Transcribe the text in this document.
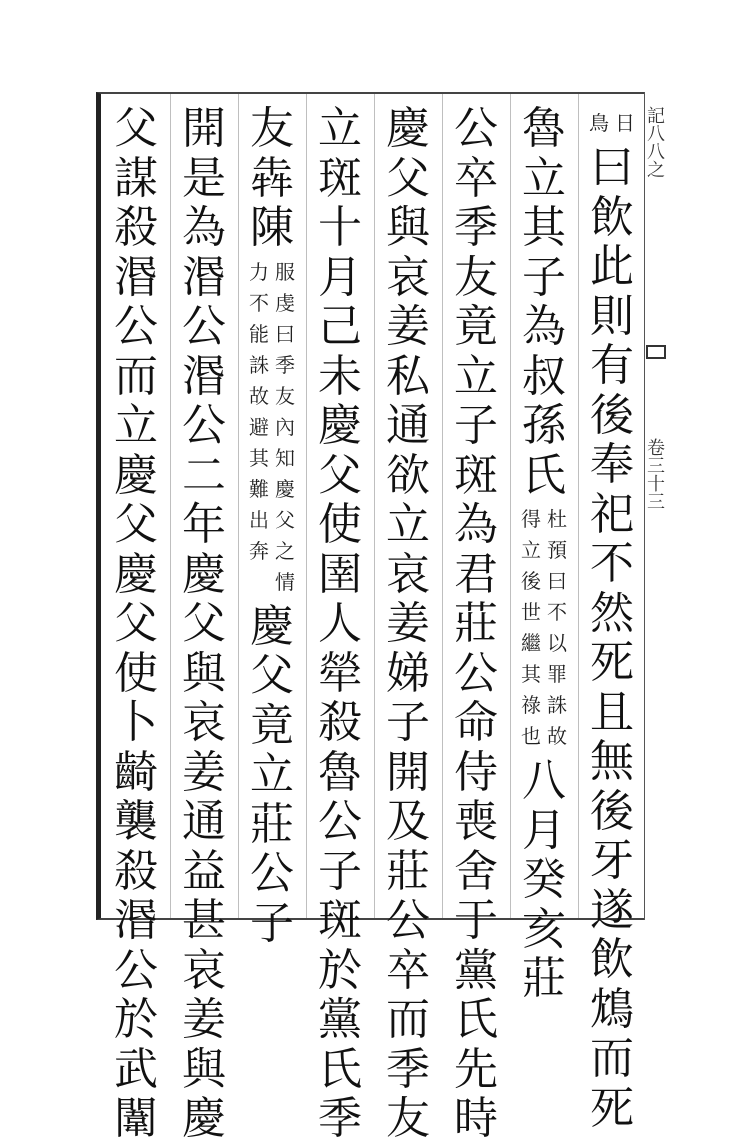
日
鳥
曰
飲
此
則
有
後
奉
祀
不
然
死
且
無
後
牙
遂
飲
鴆
而
死
魯
立
其
子
為
叔
孫
氏
杜
預
曰
不
以
罪
誅
故
得
立
後
世
繼
其
祿
也
八
月
癸
亥
莊
公
卒
季
友
竟
立
子
斑
為
君
莊
公
命
侍
喪
舍
于
黨
氏
先
時
慶
父
與
哀
姜
私
通
欲
立
哀
姜
娣
子
開
及
莊
公
卒
而
季
友
立
斑
十
月
己
未
慶
父
使
圉
人
犖
殺
魯
公
子
斑
於
黨
氏
季
友
犇
陳
服
虔
曰
季
友
內
知
慶
父
之
情
力
不
能
誅
故
避
其
難
出
奔
慶
父
竟
立
莊
公
子
開
是
為
湣
公
湣
公
二
年
慶
父
與
哀
姜
通
益
甚
哀
姜
與
慶
父
謀
殺
湣
公
而
立
慶
父
慶
父
使
卜
齮
襲
殺
湣
公
於
武
闈
記
八
八
之
卷
三
十
三
